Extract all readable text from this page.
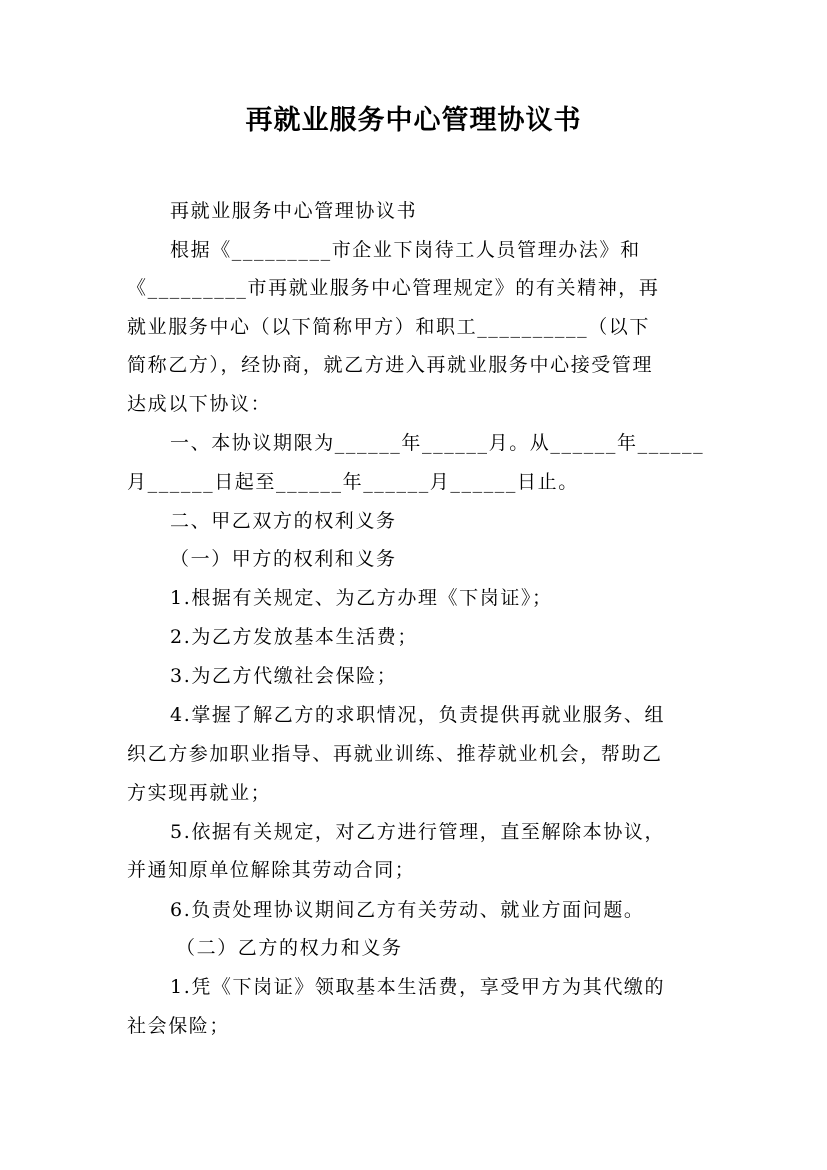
再就业服务中心管理协议书
再就业服务中心管理协议书
根据《_________市企业下岗待工人员管理办法》和
《_________市再就业服务中心管理规定》的有关精神，再
就业服务中心（以下简称甲方）和职工__________（以下
简称乙方），经协商，就乙方进入再就业服务中心接受管理
达成以下协议：
一、本协议期限为______年______月。从______年______
月______日起至______年______月______日止。
二、甲乙双方的权利义务
（一）甲方的权利和义务
1.根据有关规定、为乙方办理《下岗证》；
2.为乙方发放基本生活费；
3.为乙方代缴社会保险；
4.掌握了解乙方的求职情况，负责提供再就业服务、组
织乙方参加职业指导、再就业训练、推荐就业机会，帮助乙
方实现再就业；
5.依据有关规定，对乙方进行管理，直至解除本协议，
并通知原单位解除其劳动合同；
6.负责处理协议期间乙方有关劳动、就业方面问题。
（二）乙方的权力和义务
1.凭《下岗证》领取基本生活费，享受甲方为其代缴的
社会保险；
